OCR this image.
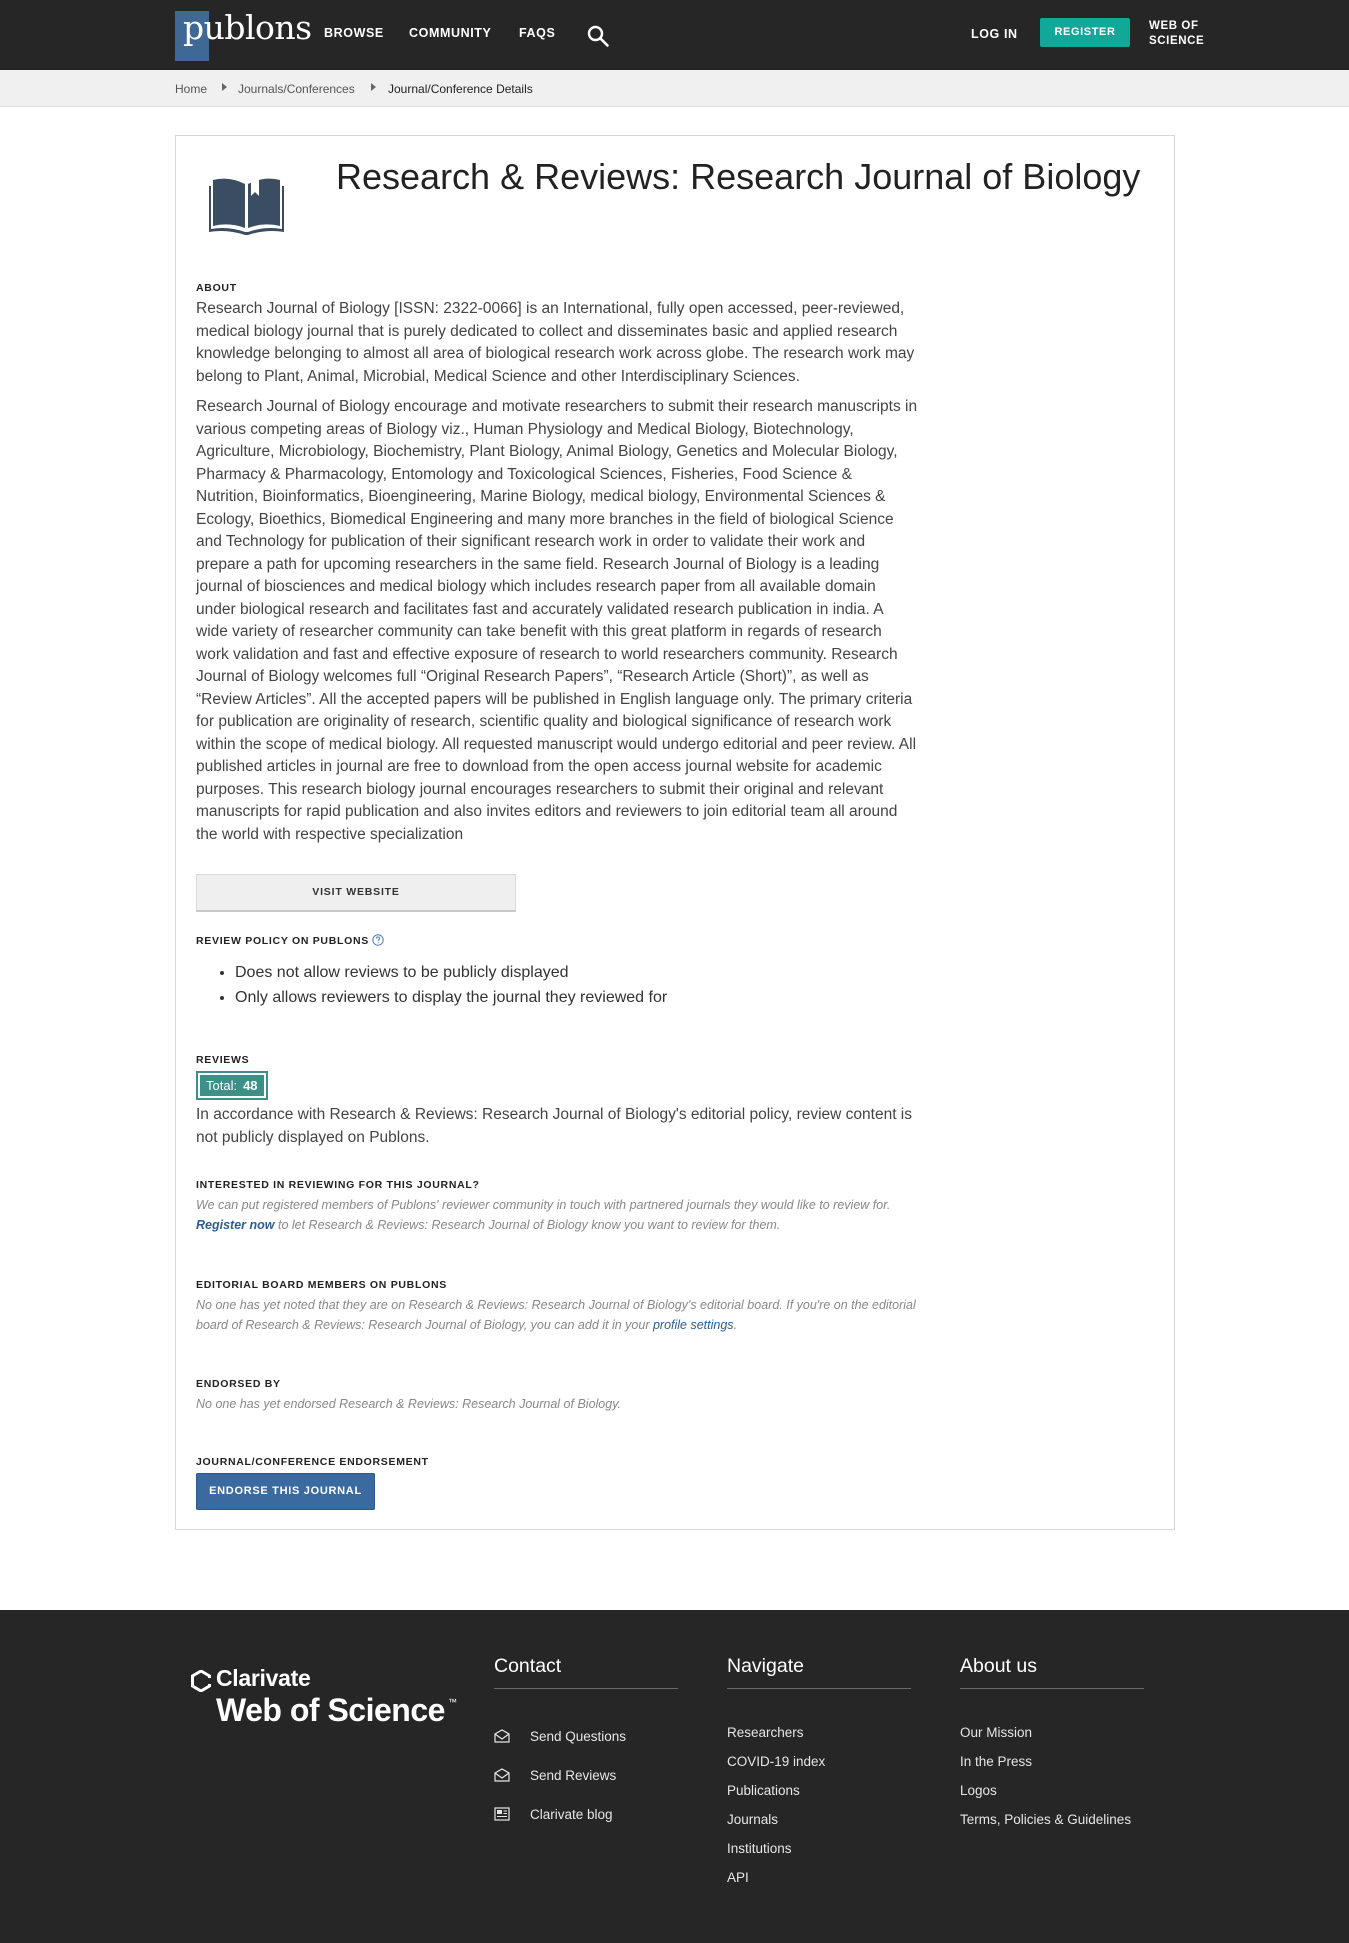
publons BROWSE COMMUNITY FAQS	LOG IN	REGISTER	WEB OF
SCIENCE
Home	Journals/Conferences	Journal/Conference Details
Research & Reviews: Research Journal of Biology
ABOUT

Research Journal of Biology [ISSN: 2322-0066] is an International, fully open accessed, peer-reviewed, medical biology journal that is purely dedicated to collect and disseminates basic and applied research knowledge belonging to almost all area of biological research work across globe. The research work may belong to Plant, Animal, Microbial, Medical Science and other Interdisciplinary Sciences.

Research Journal of Biology encourage and motivate researchers to submit their research manuscripts in various competing areas of Biology viz., Human Physiology and Medical Biology, Biotechnology, Agriculture, Microbiology, Biochemistry, Plant Biology, Animal Biology, Genetics and Molecular Biology, Pharmacy & Pharmacology, Entomology and Toxicological Sciences, Fisheries, Food Science & Nutrition, Bioinformatics, Bioengineering, Marine Biology, medical biology, Environmental Sciences & Ecology, Bioethics, Biomedical Engineering and many more branches in the field of biological Science and Technology for publication of their significant research work in order to validate their work and prepare a path for upcoming researchers in the same field. Research Journal of Biology is a leading journal of biosciences and medical biology which includes research paper from all available domain under biological research and facilitates fast and accurately validated research publication in india. A wide variety of researcher community can take benefit with this great platform in regards of research work validation and fast and effective exposure of research to world researchers community. Research Journal of Biology welcomes full “Original Research Papers”, “Research Article (Short)”, as well as “Review Articles”. All the accepted papers will be published in English language only. The primary criteria for publication are originality of research, scientific quality and biological significance of research work within the scope of medical biology. All requested manuscript would undergo editorial and peer review. All published articles in journal are free to download from the open access journal website for academic purposes. This research biology journal encourages researchers to submit their original and relevant manuscripts for rapid publication and also invites editors and reviewers to join editorial team all around the world with respective specialization

VISIT WEBSITE
REVIEW POLICY ON PUBLONS
• Does not allow reviews to be publicly displayed
• Only allows reviewers to display the journal they reviewed for
REVIEWS
Total: 48

In accordance with Research & Reviews: Research Journal of Biology's editorial policy, review content is not publicly displayed on Publons.

INTERESTED IN REVIEWING FOR THIS JOURNAL?

We can put registered members of Publons' reviewer community in touch with partnered journals they would like to review for. Register now to let Research & Reviews: Research Journal of Biology know you want to review for them.

EDITORIAL BOARD MEMBERS ON PUBLONS

No one has yet noted that they are on Research & Reviews: Research Journal of Biology's editorial board. If you're on the editorial board of Research & Reviews: Research Journal of Biology, you can add it in your profile settings.

ENDORSED BY

No one has yet endorsed Research & Reviews: Research Journal of Biology.

JOURNAL/CONFERENCE ENDORSEMENT
ENDORSE THIS JOURNAL
Clarivate
Web of Science ™
Contact
Send Questions
Send Reviews
Clarivate blog
Navigate
Researchers
COVID-19 index
Publications
Journals
Institutions
API
About us
Our Mission
In the Press
Logos
Terms, Policies & Guidelines
